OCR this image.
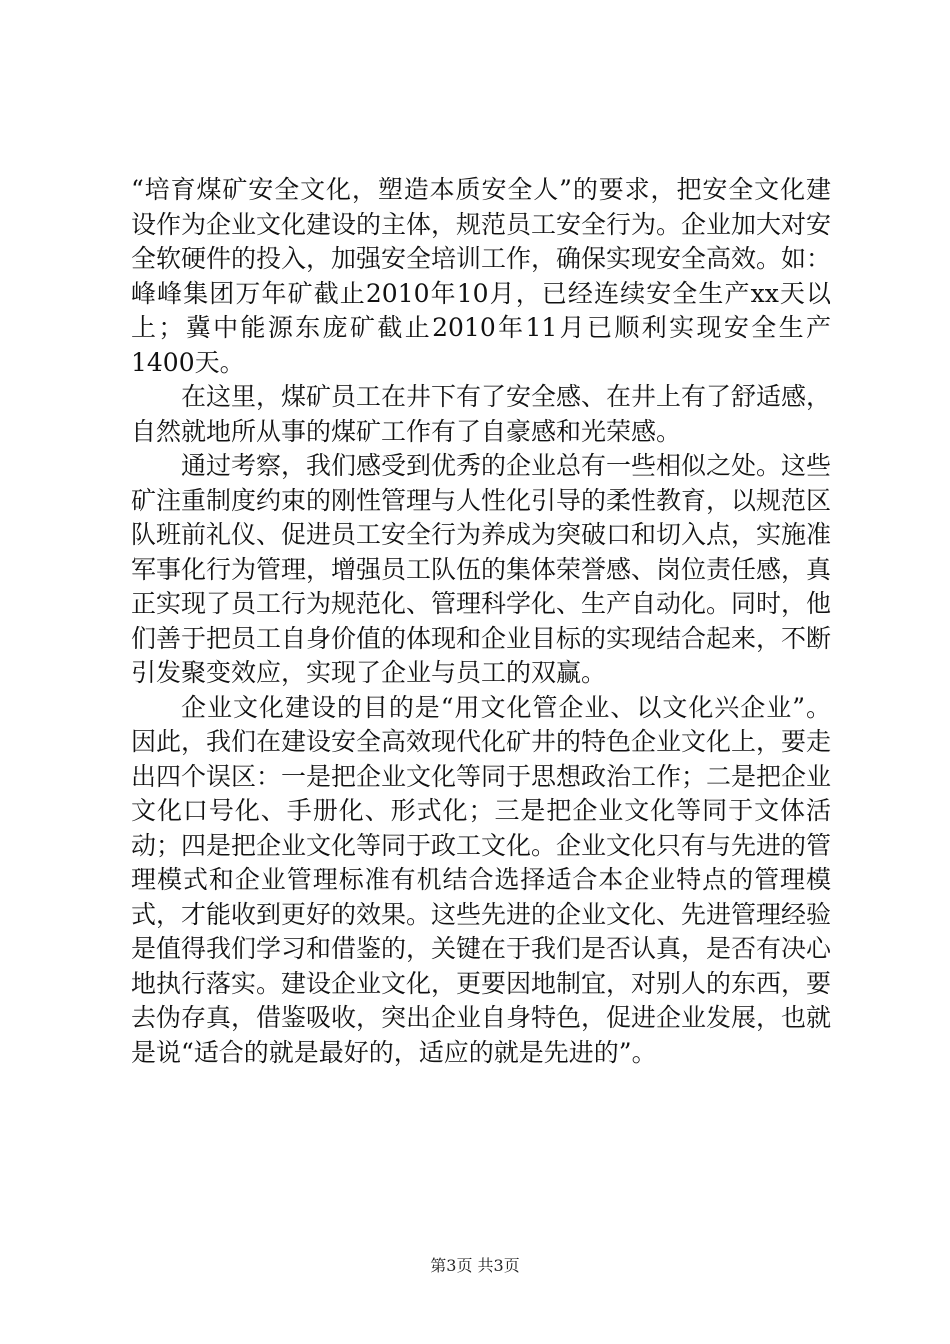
“培育煤矿安全文化，塑造本质安全人”的要求，把安全文化建设作为企业文化建设的主体，规范员工安全行为。企业加大对安全软硬件的投入，加强安全培训工作，确保实现安全高效。如：峰峰集团万年矿截止2010年10月，已经连续安全生产xx天以上；冀中能源东庞矿截止2010年11月已顺利实现安全生产1400天。

在这里，煤矿员工在井下有了安全感、在井上有了舒适感，自然就地所从事的煤矿工作有了自豪感和光荣感。

通过考察，我们感受到优秀的企业总有一些相似之处。这些矿注重制度约束的刚性管理与人性化引导的柔性教育，以规范区队班前礼仪、促进员工安全行为养成为突破口和切入点，实施准军事化行为管理，增强员工队伍的集体荣誉感、岗位责任感，真正实现了员工行为规范化、管理科学化、生产自动化。同时，他们善于把员工自身价值的体现和企业目标的实现结合起来，不断引发聚变效应，实现了企业与员工的双赢。

企业文化建设的目的是“用文化管企业、以文化兴企业”。因此，我们在建设安全高效现代化矿井的特色企业文化上，要走出四个误区：一是把企业文化等同于思想政治工作；二是把企业文化口号化、手册化、形式化；三是把企业文化等同于文体活动；四是把企业文化等同于政工文化。企业文化只有与先进的管理模式和企业管理标准有机结合选择适合本企业特点的管理模式，才能收到更好的效果。这些先进的企业文化、先进管理经验是值得我们学习和借鉴的，关键在于我们是否认真，是否有决心地执行落实。建设企业文化，更要因地制宜，对别人的东西，要去伪存真，借鉴吸收，突出企业自身特色，促进企业发展，也就是说“适合的就是最好的，适应的就是先进的”。

第3页 共3页
